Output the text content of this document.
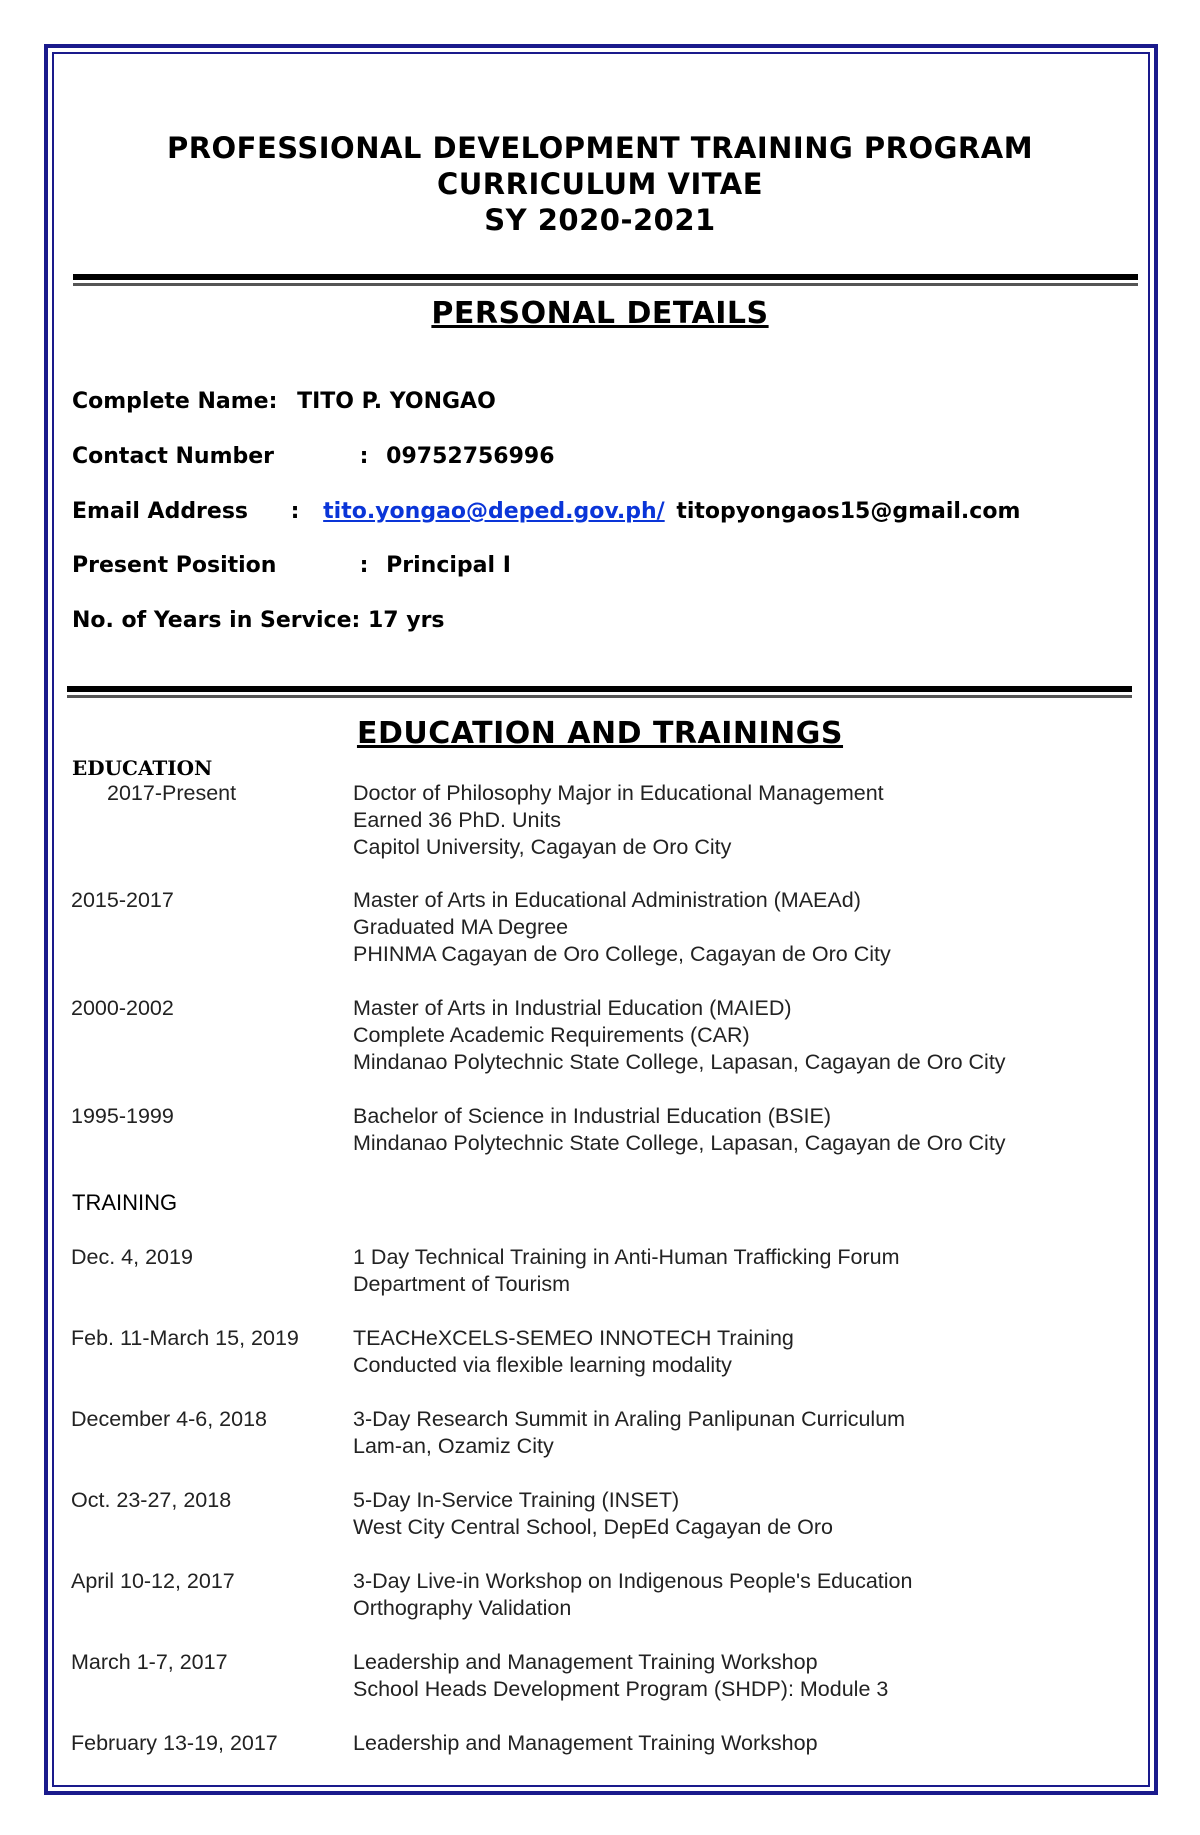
PROFESSIONAL DEVELOPMENT TRAINING PROGRAM
CURRICULUM VITAE
SY 2020-2021
PERSONAL DETAILS
Complete Name: TITO P. YONGAO
Contact Number	: 09752756996
Email Address : tito.yongao@deped.gov.ph/ titopyongaos15@gmail.com
Present Position	: Principal I
No. of Years in Service: 17 yrs
EDUCATION AND TRAININGS
EDUCATION
2017-Present	Doctor of Philosophy Major in Educational Management
Earned 36 PhD. Units
Capitol University, Cagayan de Oro City
2015-2017	Master of Arts in Educational Administration (MAEAd)
Graduated MA Degree
PHINMA Cagayan de Oro College, Cagayan de Oro City
2000-2002	Master of Arts in Industrial Education (MAIED)
Complete Academic Requirements (CAR)
Mindanao Polytechnic State College, Lapasan, Cagayan de Oro City
1995-1999	Bachelor of Science in Industrial Education (BSIE)
Mindanao Polytechnic State College, Lapasan, Cagayan de Oro City
TRAINING
Dec. 4, 2019	1 Day Technical Training in Anti-Human Trafficking Forum
Department of Tourism
Feb. 11-March 15, 2019	TEACHeXCELS-SEMEO INNOTECH Training
Conducted via flexible learning modality
December 4-6, 2018	3-Day Research Summit in Araling Panlipunan Curriculum
Lam-an, Ozamiz City
Oct. 23-27, 2018	5-Day In-Service Training (INSET)
West City Central School, DepEd Cagayan de Oro
April 10-12, 2017	3-Day Live-in Workshop on Indigenous People's Education
Orthography Validation
March 1-7, 2017	Leadership and Management Training Workshop
School Heads Development Program (SHDP): Module 3
February 13-19, 2017	Leadership and Management Training Workshop
